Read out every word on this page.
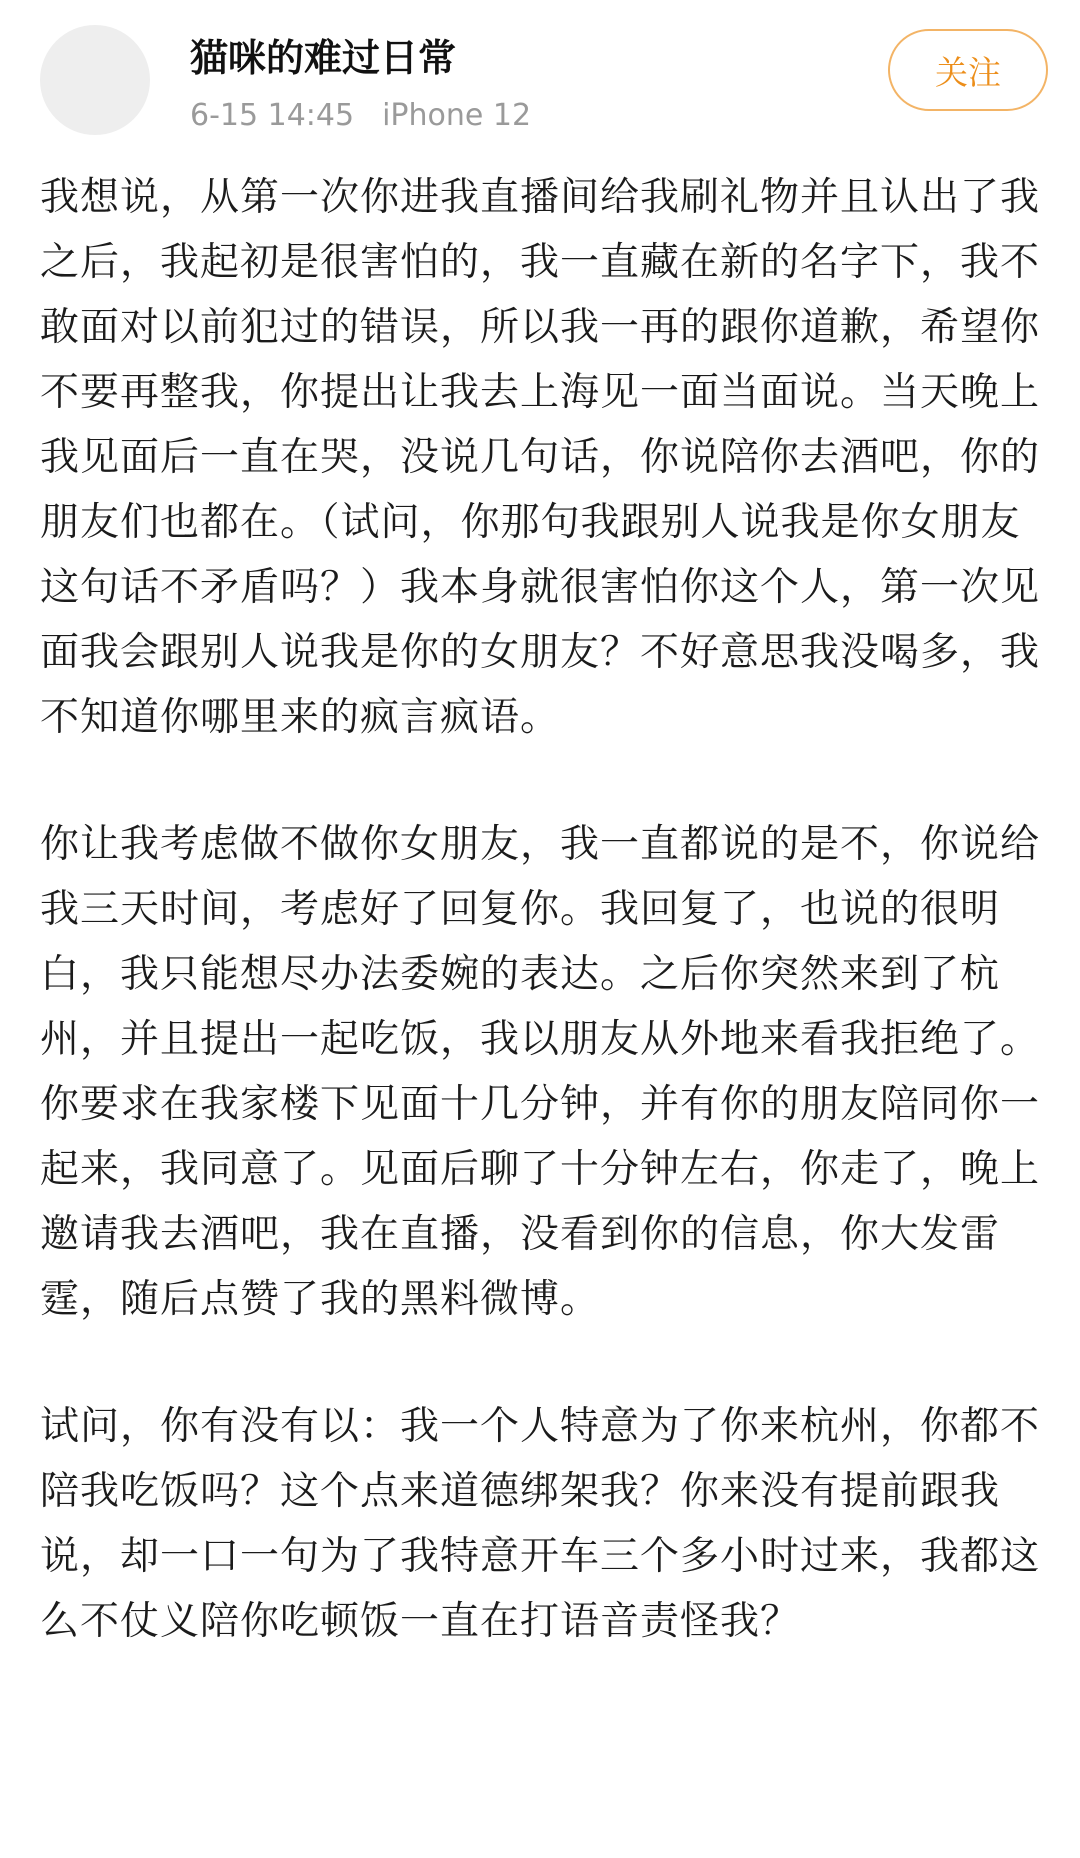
猫咪的难过日常
6-15 14:45 iPhone 12
关注

我想说，从第一次你进我直播间给我刷礼物并且认出了我之后，我起初是很害怕的，我一直藏在新的名字下，我不敢面对以前犯过的错误，所以我一再的跟你道歉，希望你不要再整我，你提出让我去上海见一面当面说。当天晚上我见面后一直在哭，没说几句话，你说陪你去酒吧，你的朋友们也都在。（试问，你那句我跟别人说我是你女朋友这句话不矛盾吗？）我本身就很害怕你这个人，第一次见面我会跟别人说我是你的女朋友？不好意思我没喝多，我不知道你哪里来的疯言疯语。

你让我考虑做不做你女朋友，我一直都说的是不，你说给我三天时间，考虑好了回复你。我回复了，也说的很明白，我只能想尽办法委婉的表达。之后你突然来到了杭州，并且提出一起吃饭，我以朋友从外地来看我拒绝了。你要求在我家楼下见面十几分钟，并有你的朋友陪同你一起来，我同意了。见面后聊了十分钟左右，你走了，晚上邀请我去酒吧，我在直播，没看到你的信息，你大发雷霆，随后点赞了我的黑料微博。

试问，你有没有以：我一个人特意为了你来杭州，你都不陪我吃饭吗？这个点来道德绑架我？你来没有提前跟我说，却一口一句为了我特意开车三个多小时过来，我都这么不仗义陪你吃顿饭一直在打语音责怪我？
